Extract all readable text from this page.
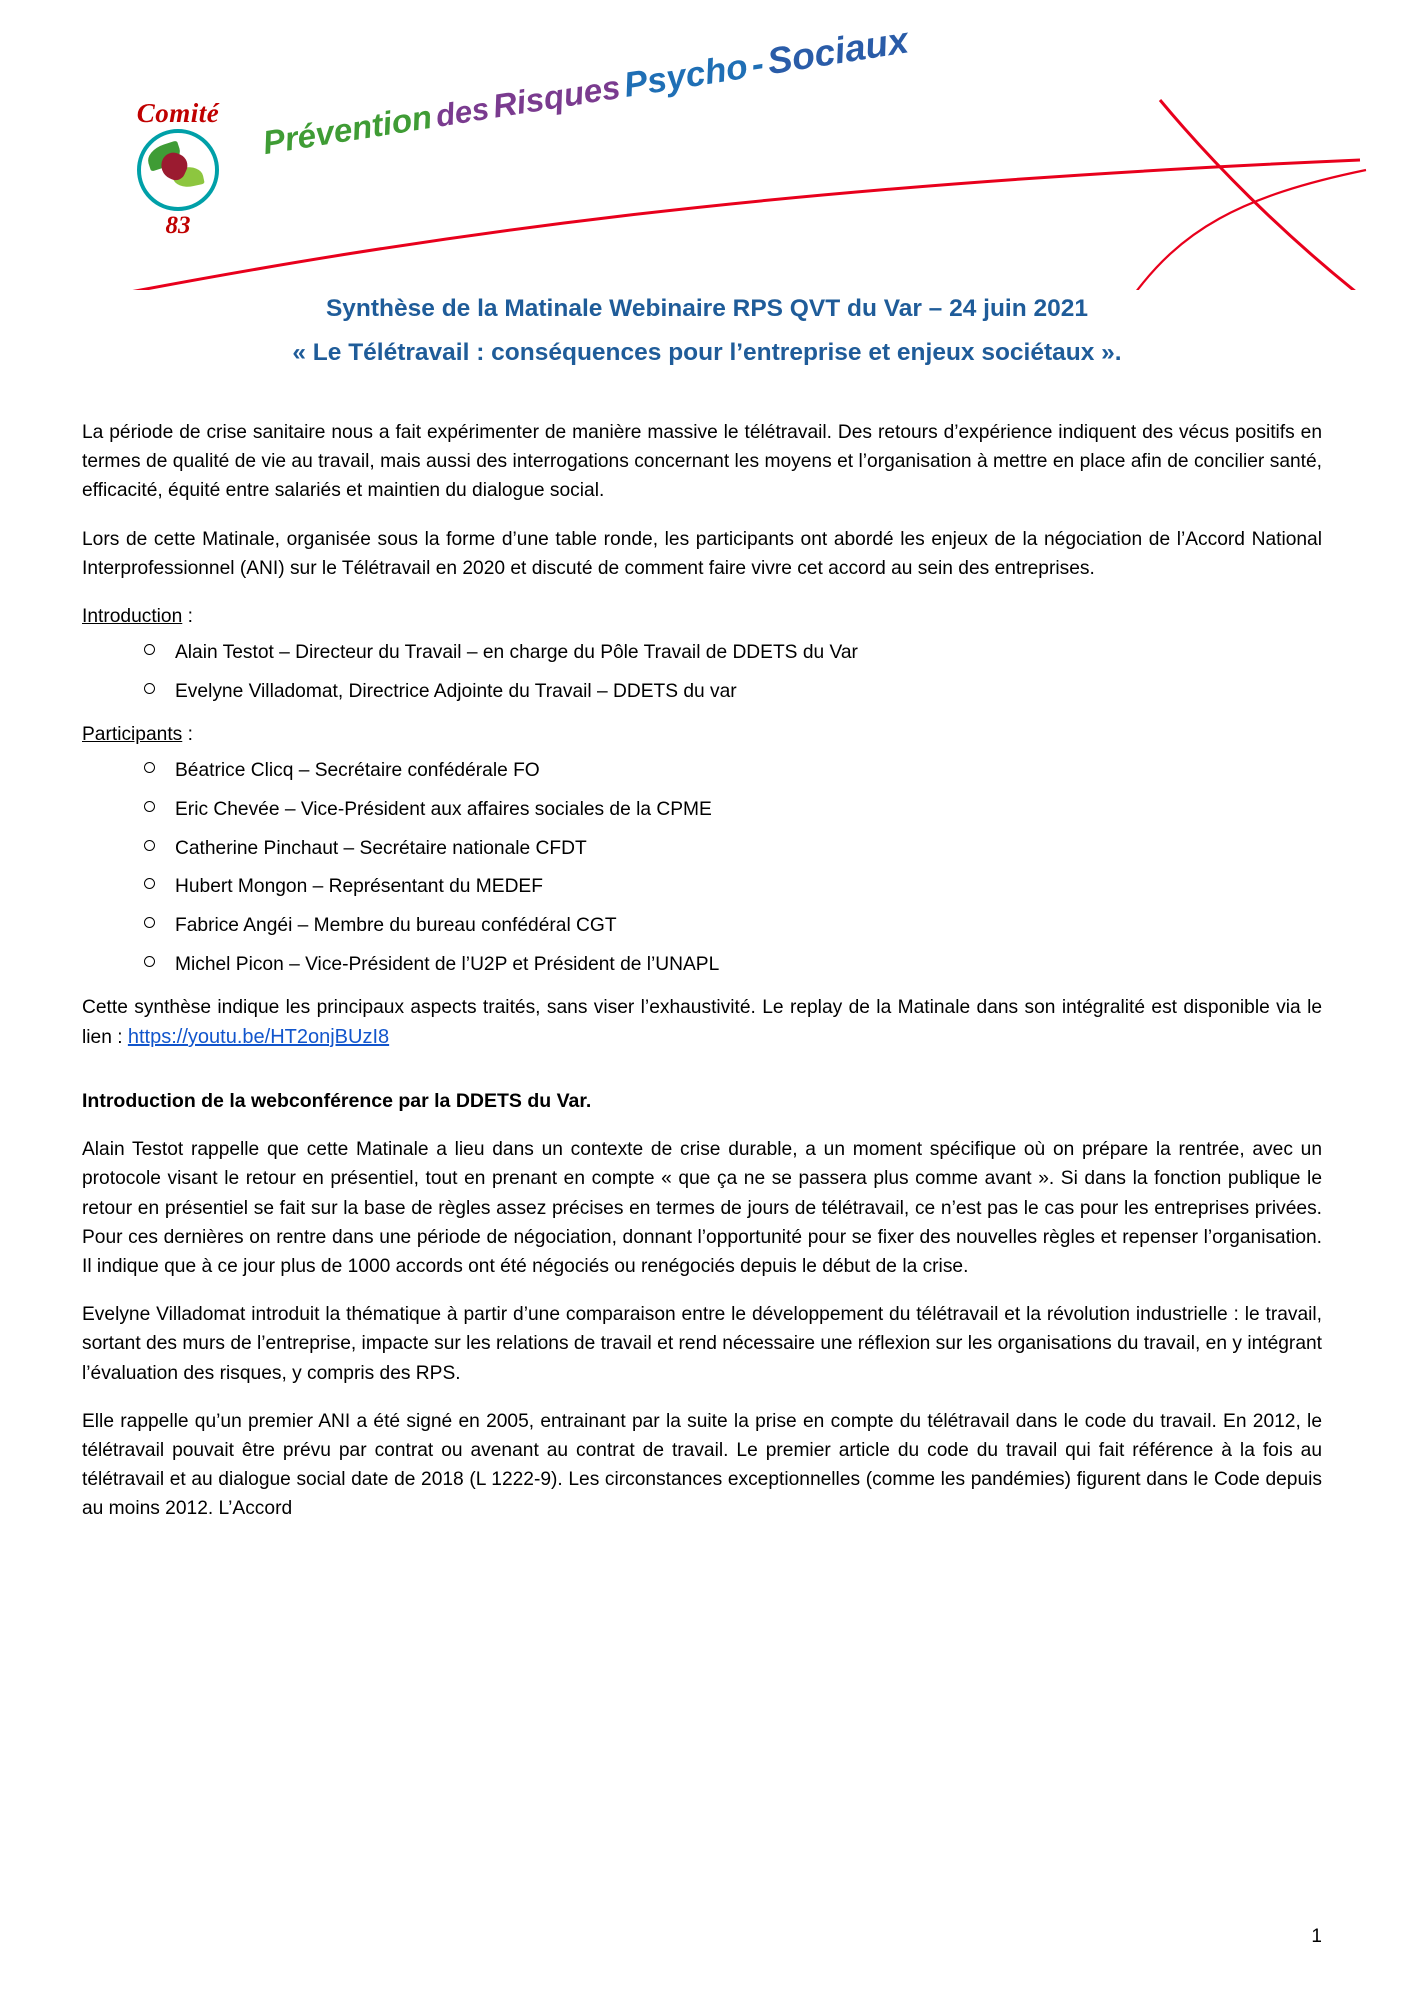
Comité
83
Prévention des Risques Psycho - Sociaux
Synthèse de la Matinale Webinaire RPS QVT du Var – 24 juin 2021
« Le Télétravail : conséquences pour l’entreprise et enjeux sociétaux ».

La période de crise sanitaire nous a fait expérimenter de manière massive le télétravail. Des retours d’expérience indiquent des vécus positifs en termes de qualité de vie au travail, mais aussi des interrogations concernant les moyens et l’organisation à mettre en place afin de concilier santé, efficacité, équité entre salariés et maintien du dialogue social.

Lors de cette Matinale, organisée sous la forme d’une table ronde, les participants ont abordé les enjeux de la négociation de l’Accord National Interprofessionnel (ANI) sur le Télétravail en 2020 et discuté de comment faire vivre cet accord au sein des entreprises.

Introduction :

Alain Testot – Directeur du Travail – en charge du Pôle Travail de DDETS du Var
Evelyne Villadomat, Directrice Adjointe du Travail – DDETS du var

Participants :

Béatrice Clicq – Secrétaire confédérale FO
Eric Chevée – Vice-Président aux affaires sociales de la CPME
Catherine Pinchaut – Secrétaire nationale CFDT
Hubert Mongon – Représentant du MEDEF
Fabrice Angéi – Membre du bureau confédéral CGT
Michel Picon – Vice-Président de l’U2P et Président de l’UNAPL

Cette synthèse indique les principaux aspects traités, sans viser l’exhaustivité. Le replay de la Matinale dans son intégralité est disponible via le lien : https://youtu.be/HT2onjBUzI8

Introduction de la webconférence par la DDETS du Var.

Alain Testot rappelle que cette Matinale a lieu dans un contexte de crise durable, a un moment spécifique où on prépare la rentrée, avec un protocole visant le retour en présentiel, tout en prenant en compte « que ça ne se passera plus comme avant ». Si dans la fonction publique le retour en présentiel se fait sur la base de règles assez précises en termes de jours de télétravail, ce n’est pas le cas pour les entreprises privées. Pour ces dernières on rentre dans une période de négociation, donnant l’opportunité pour se fixer des nouvelles règles et repenser l’organisation. Il indique que à ce jour plus de 1000 accords ont été négociés ou renégociés depuis le début de la crise.

Evelyne Villadomat introduit la thématique à partir d’une comparaison entre le développement du télétravail et la révolution industrielle : le travail, sortant des murs de l’entreprise, impacte sur les relations de travail et rend nécessaire une réflexion sur les organisations du travail, en y intégrant l’évaluation des risques, y compris des RPS.

Elle rappelle qu’un premier ANI a été signé en 2005, entrainant par la suite la prise en compte du télétravail dans le code du travail. En 2012, le télétravail pouvait être prévu par contrat ou avenant au contrat de travail. Le premier article du code du travail qui fait référence à la fois au télétravail et au dialogue social date de 2018 (L 1222-9). Les circonstances exceptionnelles (comme les pandémies) figurent dans le Code depuis au moins 2012. L’Accord

1
